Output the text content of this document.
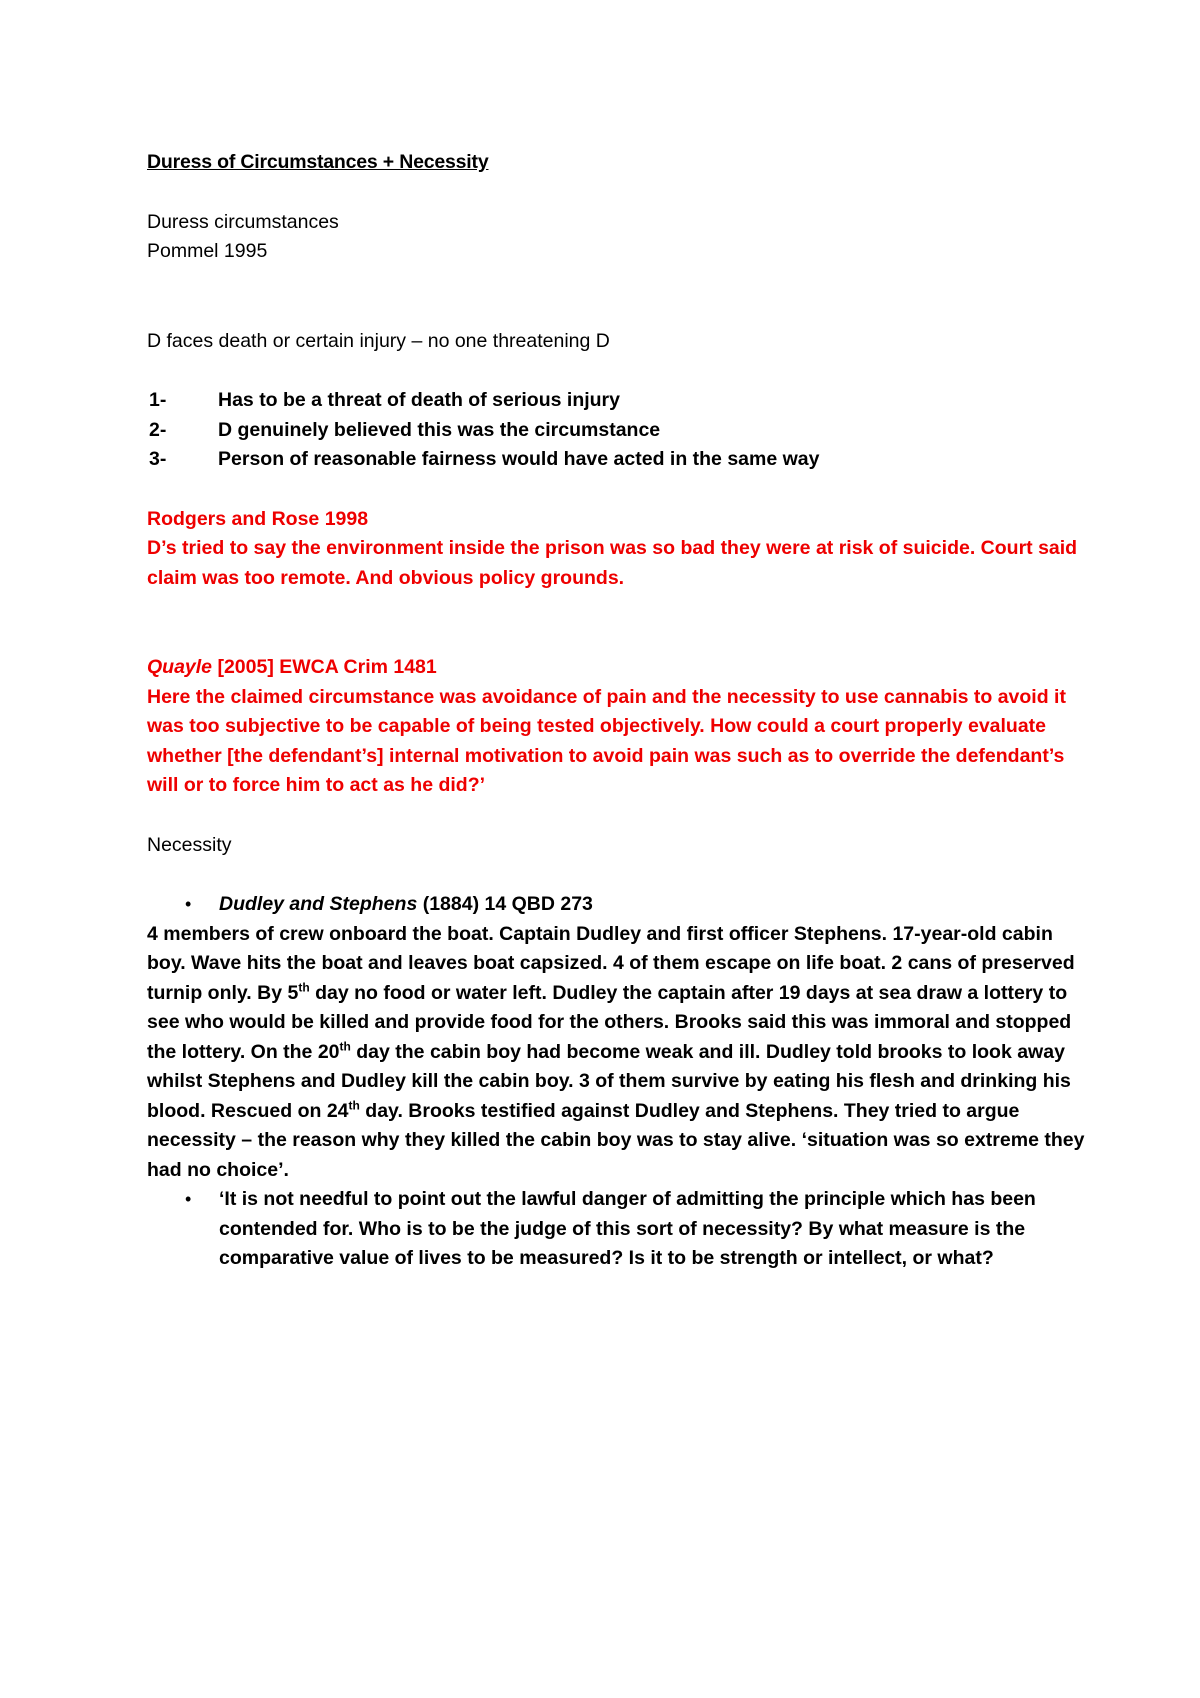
Duress of Circumstances + Necessity

Duress circumstances

Pommel 1995

D faces death or certain injury – no one threatening D

1-	Has to be a threat of death of serious injury
2-	D genuinely believed this was the circumstance
3-	Person of reasonable fairness would have acted in the same way

Rodgers and Rose 1998

D’s tried to say the environment inside the prison was so bad they were at risk of suicide. Court said claim was too remote. And obvious policy grounds.

Quayle [2005] EWCA Crim 1481

Here the claimed circumstance was avoidance of pain and the necessity to use cannabis to avoid it was too subjective to be capable of being tested objectively. How could a court properly evaluate whether [the defendant’s] internal motivation to avoid pain was such as to override the defendant’s will or to force him to act as he did?’

Necessity

•	Dudley and Stephens (1884) 14 QBD 273

4 members of crew onboard the boat. Captain Dudley and first officer Stephens. 17-year-old cabin boy. Wave hits the boat and leaves boat capsized. 4 of them escape on life boat. 2 cans of preserved turnip only. By 5th day no food or water left. Dudley the captain after 19 days at sea draw a lottery to see who would be killed and provide food for the others. Brooks said this was immoral and stopped the lottery. On the 20th day the cabin boy had become weak and ill. Dudley told brooks to look away whilst Stephens and Dudley kill the cabin boy. 3 of them survive by eating his flesh and drinking his blood. Rescued on 24th day. Brooks testified against Dudley and Stephens. They tried to argue necessity – the reason why they killed the cabin boy was to stay alive. ‘situation was so extreme they had no choice’.

•	‘It is not needful to point out the lawful danger of admitting the principle which has been contended for. Who is to be the judge of this sort of necessity? By what measure is the comparative value of lives to be measured? Is it to be strength or intellect, or what?
